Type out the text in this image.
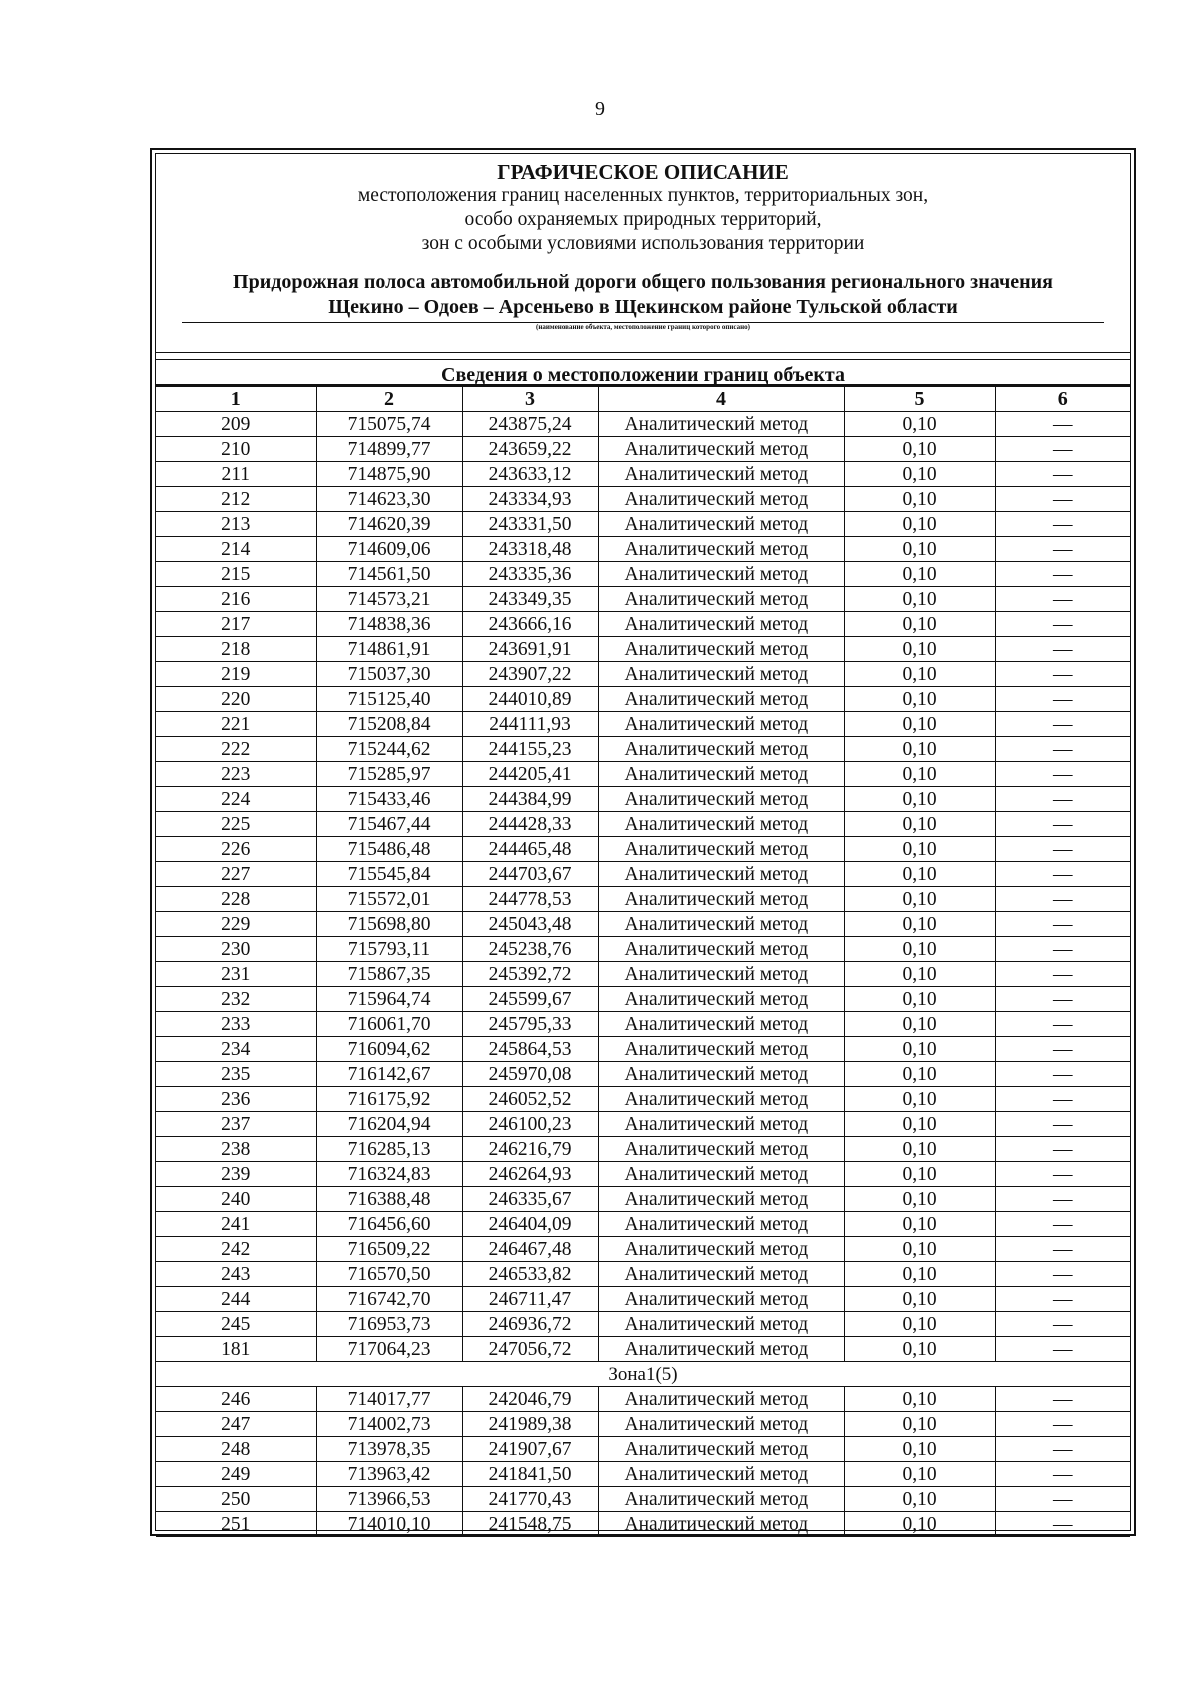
9
ГРАФИЧЕСКОЕ ОПИСАНИЕ
местоположения границ населенных пунктов, территориальных зон,
особо охраняемых природных территорий,
зон с особыми условиями использования территории
Придорожная полоса автомобильной дороги общего пользования регионального значения
Щекино – Одоев – Арсеньево в Щекинском районе Тульской области
(наименование объекта, местоположение границ которого описано)
Сведения о местоположении границ объекта
1	2	3	4	5	6
209	715075,74	243875,24	Аналитический метод	0,10	—
210	714899,77	243659,22	Аналитический метод	0,10	—
211	714875,90	243633,12	Аналитический метод	0,10	—
212	714623,30	243334,93	Аналитический метод	0,10	—
213	714620,39	243331,50	Аналитический метод	0,10	—
214	714609,06	243318,48	Аналитический метод	0,10	—
215	714561,50	243335,36	Аналитический метод	0,10	—
216	714573,21	243349,35	Аналитический метод	0,10	—
217	714838,36	243666,16	Аналитический метод	0,10	—
218	714861,91	243691,91	Аналитический метод	0,10	—
219	715037,30	243907,22	Аналитический метод	0,10	—
220	715125,40	244010,89	Аналитический метод	0,10	—
221	715208,84	244111,93	Аналитический метод	0,10	—
222	715244,62	244155,23	Аналитический метод	0,10	—
223	715285,97	244205,41	Аналитический метод	0,10	—
224	715433,46	244384,99	Аналитический метод	0,10	—
225	715467,44	244428,33	Аналитический метод	0,10	—
226	715486,48	244465,48	Аналитический метод	0,10	—
227	715545,84	244703,67	Аналитический метод	0,10	—
228	715572,01	244778,53	Аналитический метод	0,10	—
229	715698,80	245043,48	Аналитический метод	0,10	—
230	715793,11	245238,76	Аналитический метод	0,10	—
231	715867,35	245392,72	Аналитический метод	0,10	—
232	715964,74	245599,67	Аналитический метод	0,10	—
233	716061,70	245795,33	Аналитический метод	0,10	—
234	716094,62	245864,53	Аналитический метод	0,10	—
235	716142,67	245970,08	Аналитический метод	0,10	—
236	716175,92	246052,52	Аналитический метод	0,10	—
237	716204,94	246100,23	Аналитический метод	0,10	—
238	716285,13	246216,79	Аналитический метод	0,10	—
239	716324,83	246264,93	Аналитический метод	0,10	—
240	716388,48	246335,67	Аналитический метод	0,10	—
241	716456,60	246404,09	Аналитический метод	0,10	—
242	716509,22	246467,48	Аналитический метод	0,10	—
243	716570,50	246533,82	Аналитический метод	0,10	—
244	716742,70	246711,47	Аналитический метод	0,10	—
245	716953,73	246936,72	Аналитический метод	0,10	—
181	717064,23	247056,72	Аналитический метод	0,10	—
Зона1(5)					
246	714017,77	242046,79	Аналитический метод	0,10	—
247	714002,73	241989,38	Аналитический метод	0,10	—
248	713978,35	241907,67	Аналитический метод	0,10	—
249	713963,42	241841,50	Аналитический метод	0,10	—
250	713966,53	241770,43	Аналитический метод	0,10	—
251	714010,10	241548,75	Аналитический метод	0,10	—
